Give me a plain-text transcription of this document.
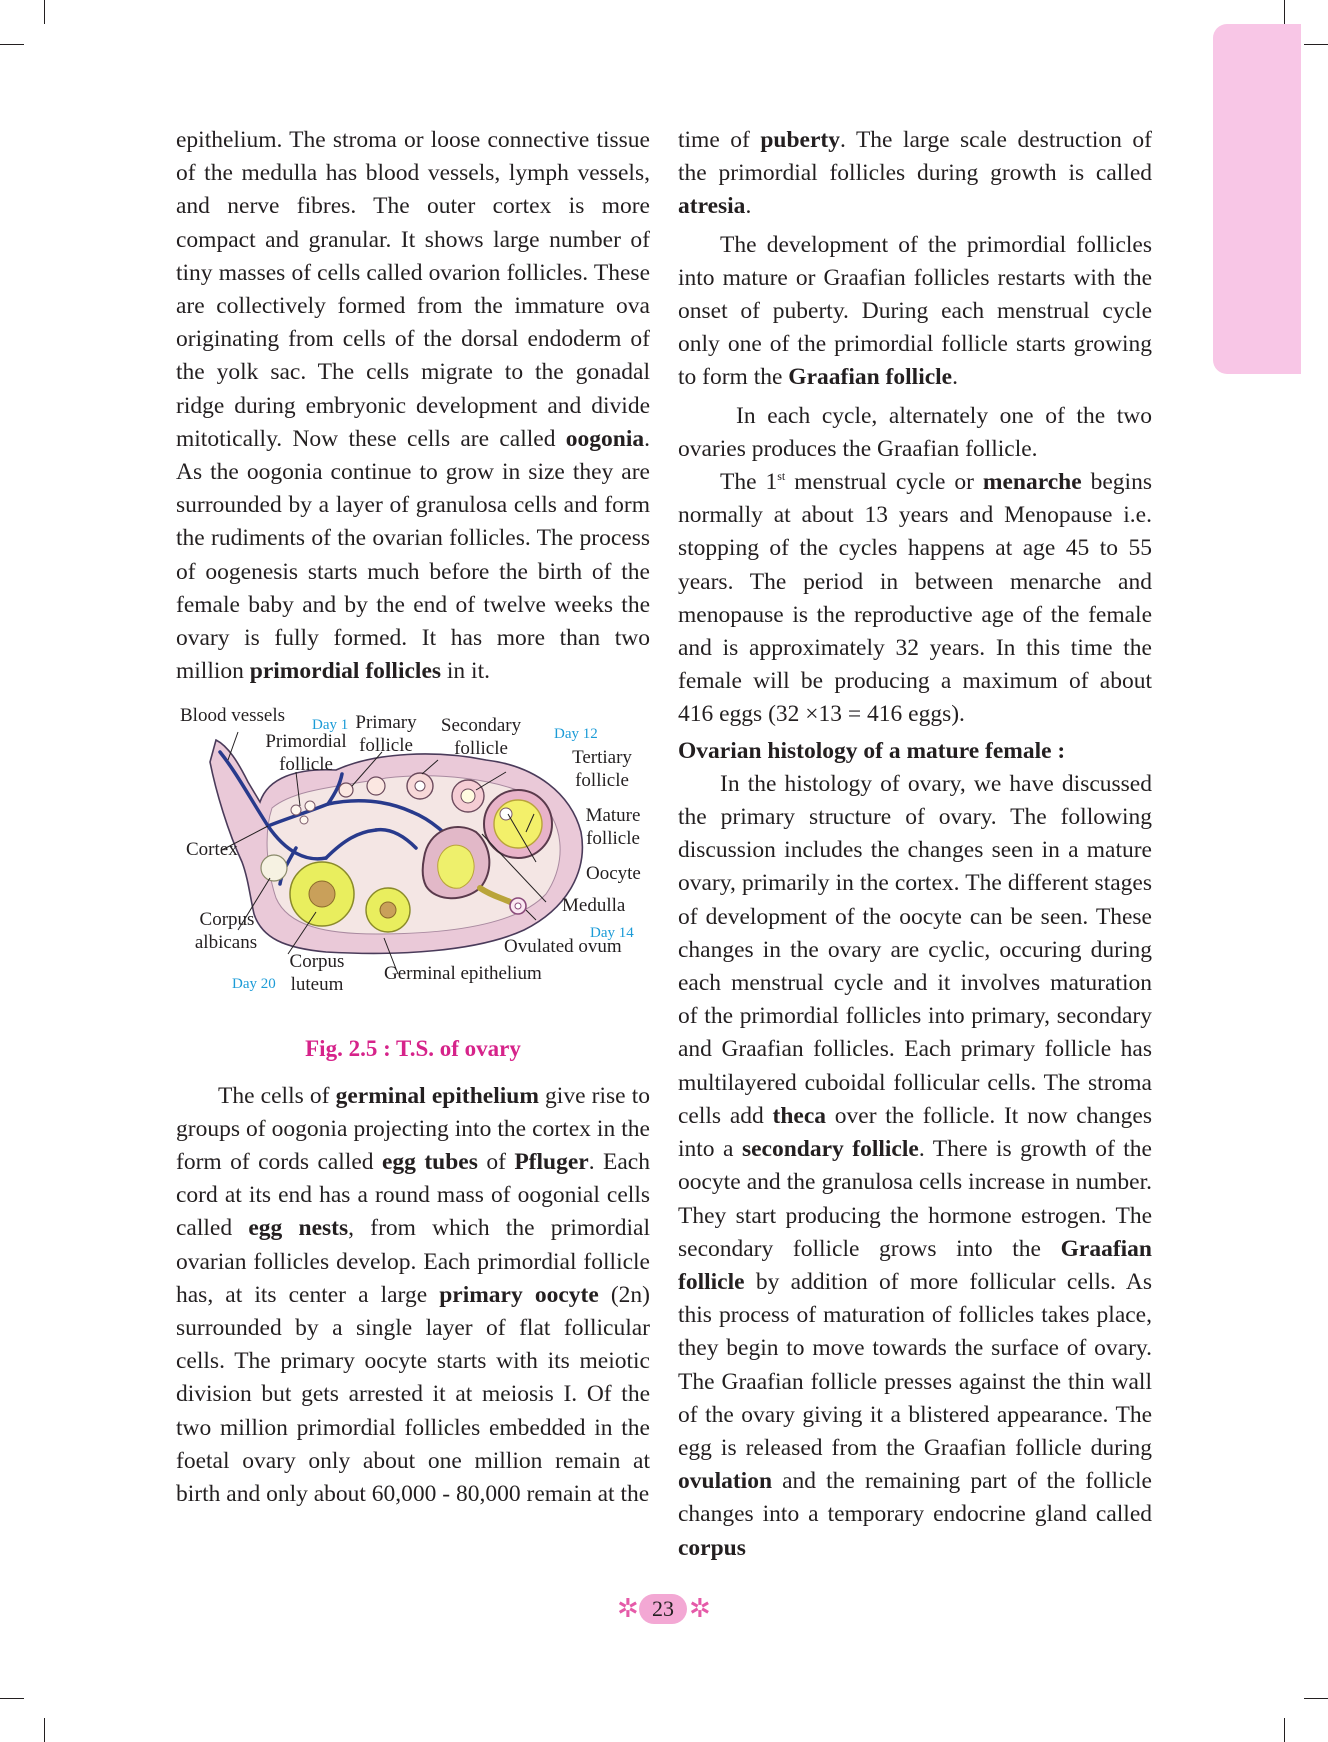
epithelium. The stroma or loose connective tissue of the medulla has blood vessels, lymph vessels, and nerve fibres. The outer cortex is more compact and granular. It shows large number of tiny masses of cells called ovarion follicles. These are collectively formed from the immature ova originating from cells of the dorsal endoderm of the yolk sac. The cells migrate to the gonadal ridge during embryonic development and divide mitotically. Now these cells are called oogonia. As the oogonia continue to grow in size they are surrounded by a layer of granulosa cells and form the rudiments of the ovarian follicles. The process of oogenesis starts much before the birth of the female baby and by the end of twelve weeks the ovary is fully formed. It has more than two million primordial follicles in it.

Blood vessels Day 1
Primordial
follicle
Primary
follicle
Secondary
follicle
Day 12
Tertiary
follicle
Mature
follicle
Cortex
Oocyte
Medulla
Corpus
albicans	Day 14
Ovulated ovum
Corpus
luteum
Day 20	Germinal epithelium

Fig. 2.5 : T.S. of ovary

The cells of germinal epithelium give rise to groups of oogonia projecting into the cortex in the form of cords called egg tubes of Pfluger. Each cord at its end has a round mass of oogonial cells called egg nests, from which the primordial ovarian follicles develop. Each primordial follicle has, at its center a large primary oocyte (2n) surrounded by a single layer of flat follicular cells. The primary oocyte starts with its meiotic division but gets arrested it at meiosis I. Of the two million primordial follicles embedded in the foetal ovary only about one million remain at birth and only about 60,000 - 80,000 remain at the

time of puberty. The large scale destruction of the primordial follicles during growth is called atresia.

The development of the primordial follicles into mature or Graafian follicles restarts with the onset of puberty. During each menstrual cycle only one of the primordial follicle starts growing to form the Graafian follicle.

In each cycle, alternately one of the two ovaries produces the Graafian follicle.

The 1st menstrual cycle or menarche begins normally at about 13 years and Menopause i.e. stopping of the cycles happens at age 45 to 55 years. The period in between menarche and menopause is the reproductive age of the female and is approximately 32 years. In this time the female will be producing a maximum of about 416 eggs (32 ×13 = 416 eggs).

Ovarian histology of a mature female :

In the histology of ovary, we have discussed the primary structure of ovary. The following discussion includes the changes seen in a mature ovary, primarily in the cortex. The different stages of development of the oocyte can be seen. These changes in the ovary are cyclic, occuring during each menstrual cycle and it involves maturation of the primordial follicles into primary, secondary and Graafian follicles. Each primary follicle has multilayered cuboidal follicular cells. The stroma cells add theca over the follicle. It now changes into a secondary follicle. There is growth of the oocyte and the granulosa cells increase in number. They start producing the hormone estrogen. The secondary follicle grows into the Graafian follicle by addition of more follicular cells. As this process of maturation of follicles takes place, they begin to move towards the surface of ovary. The Graafian follicle presses against the thin wall of the ovary giving it a blistered appearance. The egg is released from the Graafian follicle during ovulation and the remaining part of the follicle changes into a temporary endocrine gland called corpus

✲ 23 ✲
